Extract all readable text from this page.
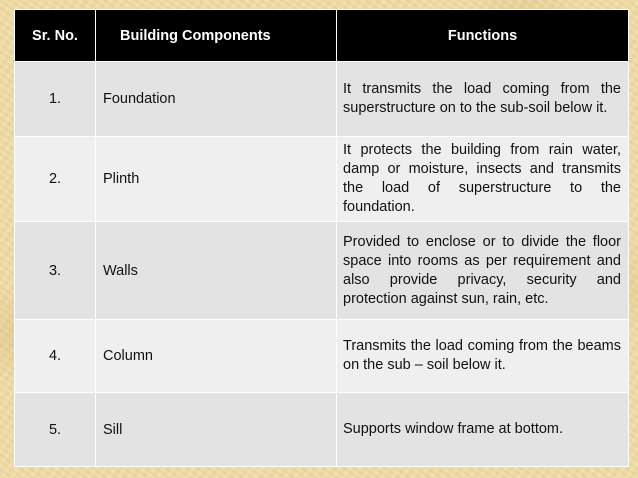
Sr. No.	Building Components	Functions
1.	Foundation	It transmits the load coming from the superstructure on to the sub-soil below it.
2.	Plinth	It protects the building from rain water, damp or moisture, insects and transmits the load of superstructure to the foundation.
3.	Walls	Provided to enclose or to divide the floor space into rooms as per requirement and also provide privacy, security and protection against sun, rain, etc.
4.	Column	Transmits the load coming from the beams on the sub – soil below it.
5.	Sill	Supports window frame at bottom.
